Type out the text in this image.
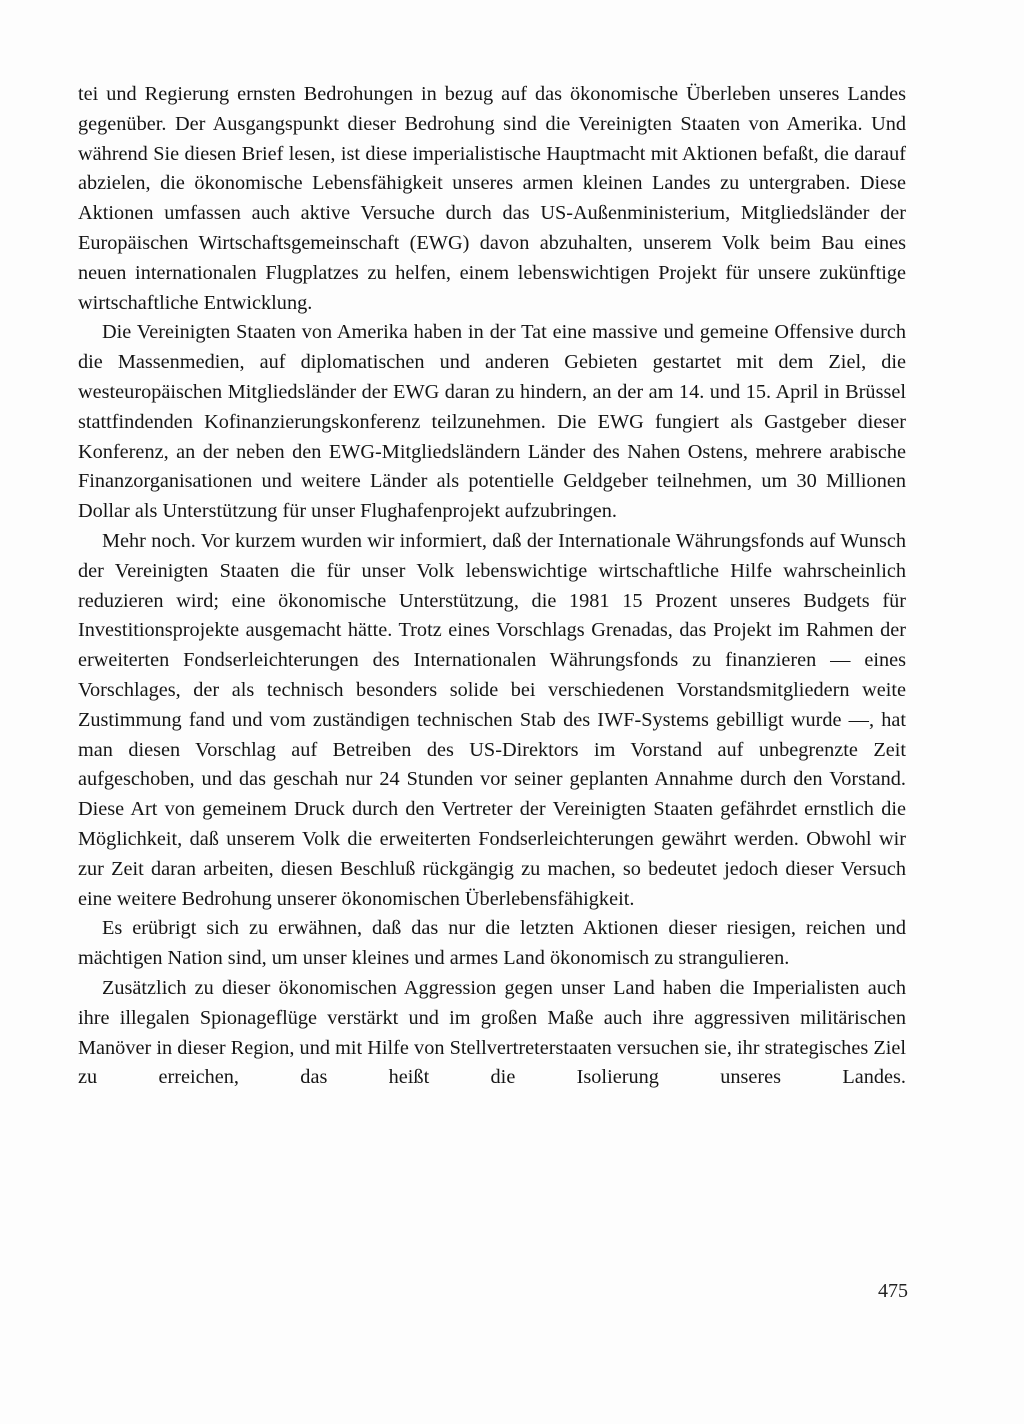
tei und Regierung ernsten Bedrohungen in bezug auf das ökonomische Überleben unseres Landes gegenüber. Der Ausgangspunkt dieser Bedrohung sind die Vereinigten Staaten von Amerika. Und während Sie diesen Brief lesen, ist diese imperialistische Hauptmacht mit Aktionen befaßt, die darauf abzielen, die ökonomische Lebensfähigkeit unseres armen kleinen Landes zu untergraben. Diese Aktionen umfassen auch aktive Versuche durch das US-Außenministerium, Mitgliedsländer der Europäischen Wirtschaftsgemeinschaft (EWG) davon abzuhalten, unserem Volk beim Bau eines neuen internationalen Flugplatzes zu helfen, einem lebenswichtigen Projekt für unsere zukünftige wirtschaftliche Entwicklung.

Die Vereinigten Staaten von Amerika haben in der Tat eine massive und gemeine Offensive durch die Massenmedien, auf diplomatischen und anderen Gebieten gestartet mit dem Ziel, die westeuropäischen Mitgliedsländer der EWG daran zu hindern, an der am 14. und 15. April in Brüssel stattfindenden Kofinanzierungskonferenz teilzunehmen. Die EWG fungiert als Gastgeber dieser Konferenz, an der neben den EWG-Mitgliedsländern Länder des Nahen Ostens, mehrere arabische Finanzorganisationen und weitere Länder als potentielle Geldgeber teilnehmen, um 30 Millionen Dollar als Unterstützung für unser Flughafenprojekt aufzubringen.

Mehr noch. Vor kurzem wurden wir informiert, daß der Internationale Währungsfonds auf Wunsch der Vereinigten Staaten die für unser Volk lebenswichtige wirtschaftliche Hilfe wahrscheinlich reduzieren wird; eine ökonomische Unterstützung, die 1981 15 Prozent unseres Budgets für Investitionsprojekte ausgemacht hätte. Trotz eines Vorschlags Grenadas, das Projekt im Rahmen der erweiterten Fondserleichterungen des Internationalen Währungsfonds zu finanzieren — eines Vorschlages, der als technisch besonders solide bei verschiedenen Vorstandsmitgliedern weite Zustimmung fand und vom zuständigen technischen Stab des IWF-Systems gebilligt wurde —, hat man diesen Vorschlag auf Betreiben des US-Direktors im Vorstand auf unbegrenzte Zeit aufgeschoben, und das geschah nur 24 Stunden vor seiner geplanten Annahme durch den Vorstand. Diese Art von gemeinem Druck durch den Vertreter der Vereinigten Staaten gefährdet ernstlich die Möglichkeit, daß unserem Volk die erweiterten Fondserleichterungen gewährt werden. Obwohl wir zur Zeit daran arbeiten, diesen Beschluß rückgängig zu machen, so bedeutet jedoch dieser Versuch eine weitere Bedrohung unserer ökonomischen Überlebensfähigkeit.

Es erübrigt sich zu erwähnen, daß das nur die letzten Aktionen dieser riesigen, reichen und mächtigen Nation sind, um unser kleines und armes Land ökonomisch zu strangulieren.

Zusätzlich zu dieser ökonomischen Aggression gegen unser Land haben die Imperialisten auch ihre illegalen Spionageflüge verstärkt und im großen Maße auch ihre aggressiven militärischen Manöver in dieser Region, und mit Hilfe von Stellvertreterstaaten versuchen sie, ihr strategisches Ziel zu erreichen, das heißt die Isolierung unseres Landes.

475
